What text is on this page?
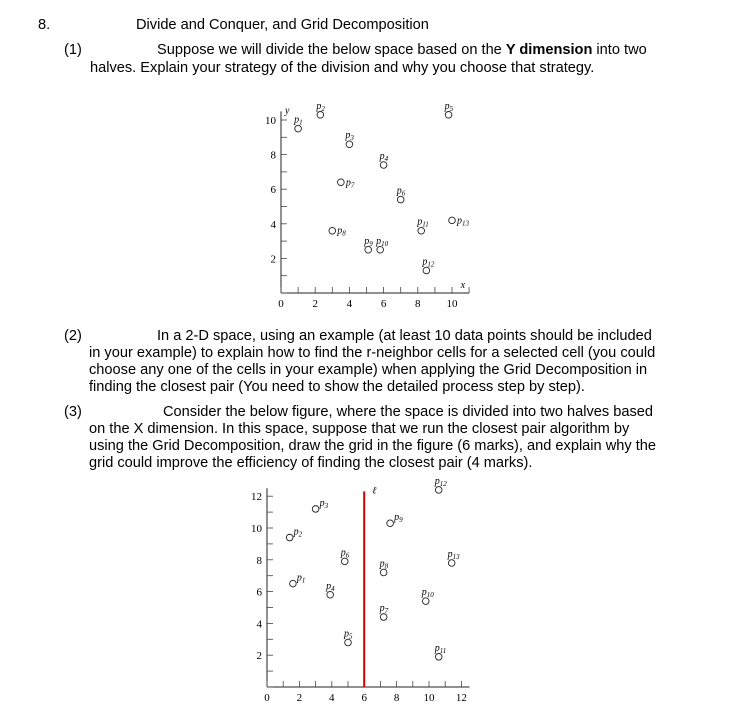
8.	Divide and Conquer, and Grid Decomposition
(1)	Suppose we will divide the below space based on the Y dimension into two
halves. Explain your strategy of the division and why you choose that strategy.
0	2	4	6	8 10
2
4
6
8
10
y
x
$p_1$
$p_2$
$p_3$
$p_4$
$p_5$
$p_6$
$p_7$
$p_8$
$p_9$ $p_{10}$
$p_{11}$
$p_{12}$
$p_{13}$
0 2 4 6 8 10 12
2
4
6
8
10
12
ℓ
$p_1$
$p_2$
$p_3$
$p_4$
$p_5$
$p_6$
$p_7$
$p_8$
$p_9$
$p_{10}$
$p_{11}$
$p_{12}$
$p_{13}$
(2)	In a 2-D space, using an example (at least 10 data points should be included
in your example) to explain how to find the r-neighbor cells for a selected cell (you could
choose any one of the cells in your example) when applying the Grid Decomposition in
finding the closest pair (You need to show the detailed process step by step).
(3)	Consider the below figure, where the space is divided into two halves based
on the X dimension. In this space, suppose that we run the closest pair algorithm by
using the Grid Decomposition, draw the grid in the figure (6 marks), and explain why the
grid could improve the efficiency of finding the closest pair (4 marks).
